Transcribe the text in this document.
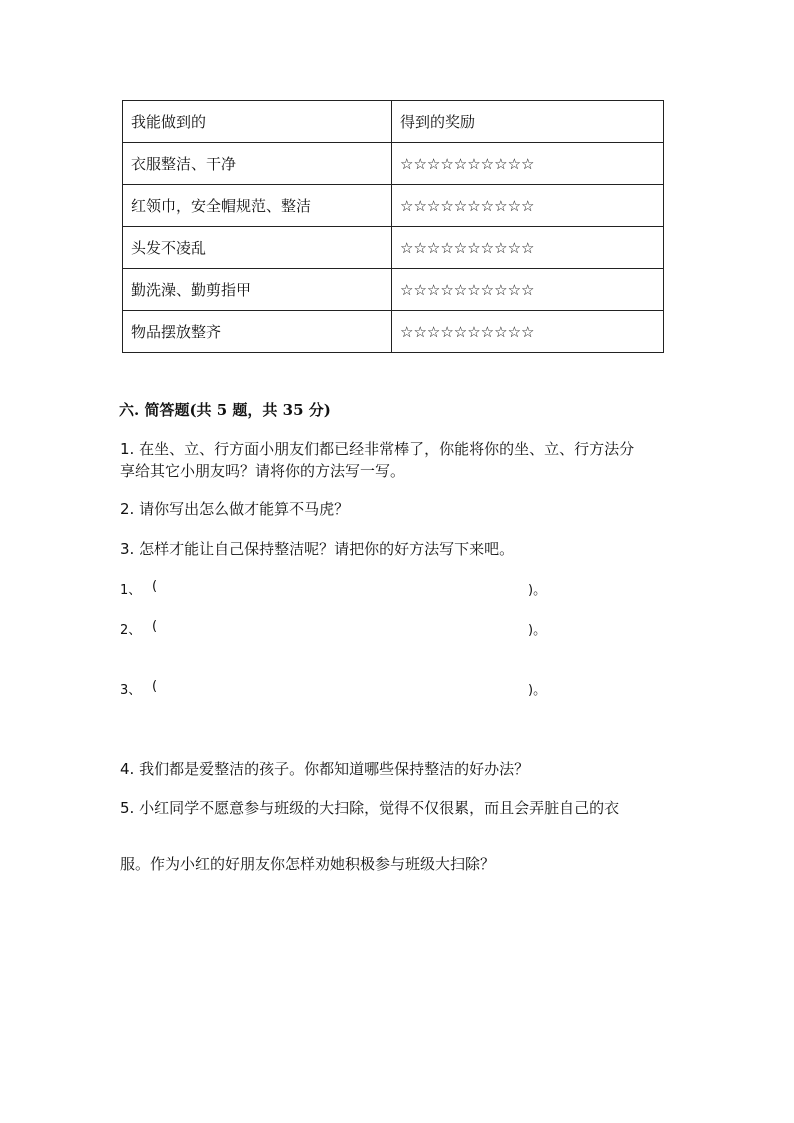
我能做到的	得到的奖励
衣服整洁、干净	☆☆☆☆☆☆☆☆☆☆
红领巾，安全帽规范、整洁	☆☆☆☆☆☆☆☆☆☆
头发不凌乱	☆☆☆☆☆☆☆☆☆☆
勤洗澡、勤剪指甲	☆☆☆☆☆☆☆☆☆☆
物品摆放整齐	☆☆☆☆☆☆☆☆☆☆
六. 简答题(共 5 题，共 35 分)
1. 在坐、立、行方面小朋友们都已经非常棒了，你能将你的坐、立、行方法分
享给其它小朋友吗？请将你的方法写一写。
2. 请你写出怎么做才能算不马虎？
3. 怎样才能让自己保持整洁呢？请把你的好方法写下来吧。
1、 (	)。
2、 (	)。
3、 (	)。
4. 我们都是爱整洁的孩子。你都知道哪些保持整洁的好办法？
5. 小红同学不愿意参与班级的大扫除，觉得不仅很累，而且会弄脏自己的衣
服。作为小红的好朋友你怎样劝她积极参与班级大扫除？
